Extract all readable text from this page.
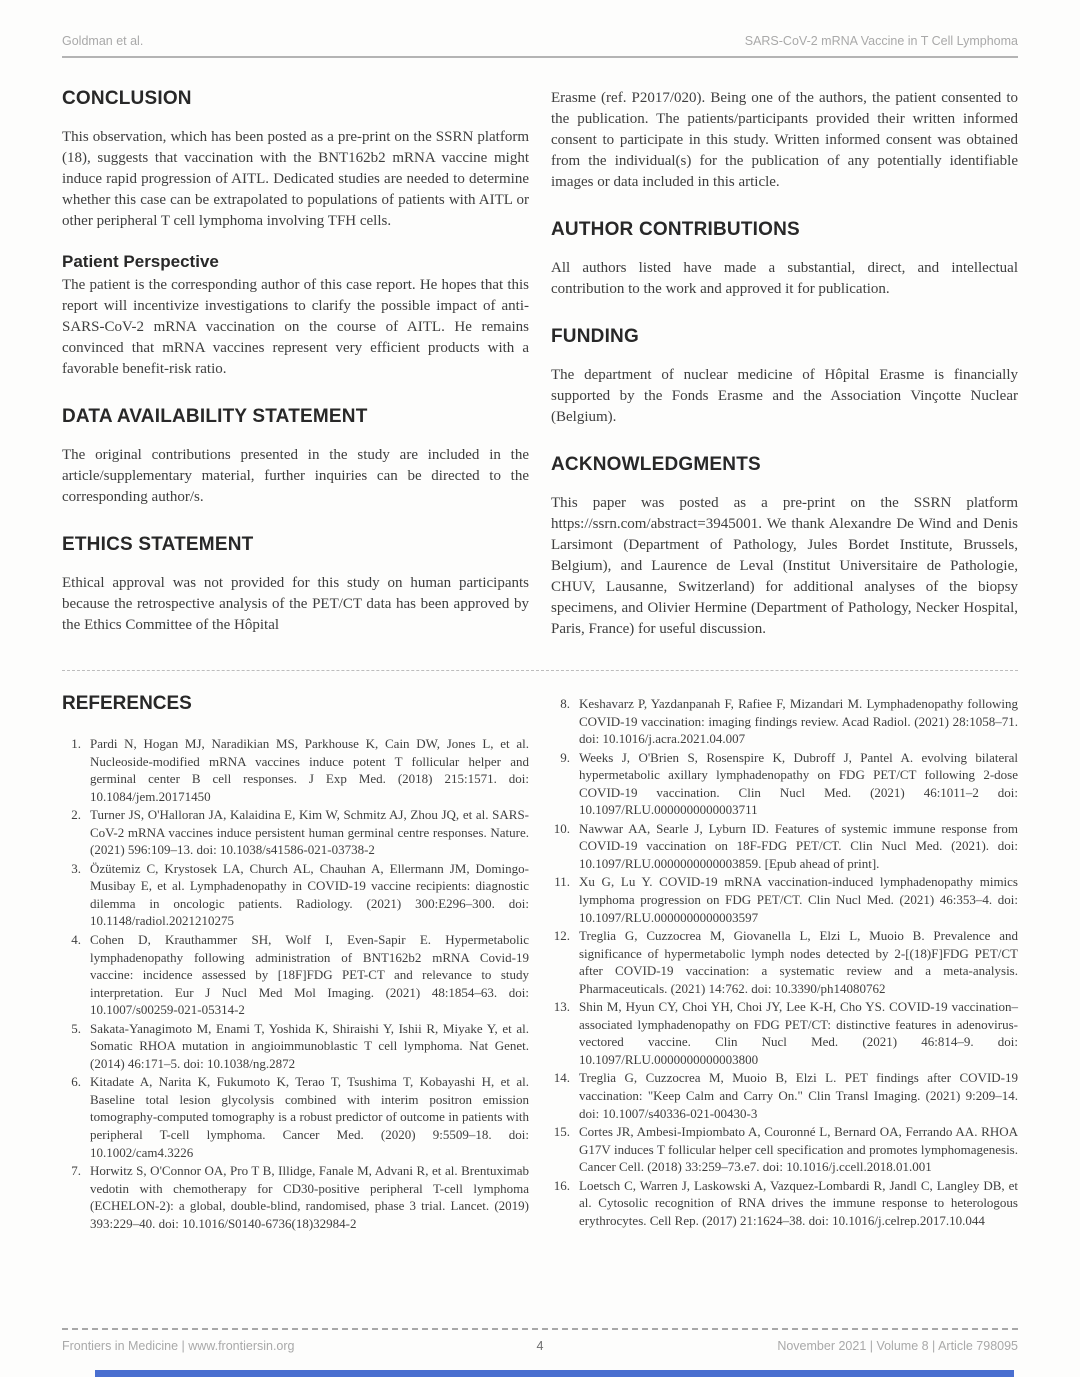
Goldman et al.	SARS-CoV-2 mRNA Vaccine in T Cell Lymphoma
CONCLUSION

This observation, which has been posted as a pre-print on the SSRN platform (18), suggests that vaccination with the BNT162b2 mRNA vaccine might induce rapid progression of AITL. Dedicated studies are needed to determine whether this case can be extrapolated to populations of patients with AITL or other peripheral T cell lymphoma involving TFH cells.

Patient Perspective

The patient is the corresponding author of this case report. He hopes that this report will incentivize investigations to clarify the possible impact of anti-SARS-CoV-2 mRNA vaccination on the course of AITL. He remains convinced that mRNA vaccines represent very efficient products with a favorable benefit-risk ratio.

DATA AVAILABILITY STATEMENT

The original contributions presented in the study are included in the article/supplementary material, further inquiries can be directed to the corresponding author/s.

ETHICS STATEMENT

Ethical approval was not provided for this study on human participants because the retrospective analysis of the PET/CT data has been approved by the Ethics Committee of the Hôpital

Erasme (ref. P2017/020). Being one of the authors, the patient consented to the publication. The patients/participants provided their written informed consent to participate in this study. Written informed consent was obtained from the individual(s) for the publication of any potentially identifiable images or data included in this article.

AUTHOR CONTRIBUTIONS

All authors listed have made a substantial, direct, and intellectual contribution to the work and approved it for publication.

FUNDING

The department of nuclear medicine of Hôpital Erasme is financially supported by the Fonds Erasme and the Association Vinçotte Nuclear (Belgium).

ACKNOWLEDGMENTS

This paper was posted as a pre-print on the SSRN platform https://ssrn.com/abstract=3945001. We thank Alexandre De Wind and Denis Larsimont (Department of Pathology, Jules Bordet Institute, Brussels, Belgium), and Laurence de Leval (Institut Universitaire de Pathologie, CHUV, Lausanne, Switzerland) for additional analyses of the biopsy specimens, and Olivier Hermine (Department of Pathology, Necker Hospital, Paris, France) for useful discussion.

REFERENCES
1. Pardi N, Hogan MJ, Naradikian MS, Parkhouse K, Cain DW, Jones L, et al. Nucleoside-modified mRNA vaccines induce potent T follicular helper and germinal center B cell responses. J Exp Med. (2018) 215:1571. doi: 10.1084/jem.20171450
2. Turner JS, O'Halloran JA, Kalaidina E, Kim W, Schmitz AJ, Zhou JQ, et al. SARS-CoV-2 mRNA vaccines induce persistent human germinal centre responses. Nature. (2021) 596:109–13. doi: 10.1038/s41586-021-03738-2
3. Özütemiz C, Krystosek LA, Church AL, Chauhan A, Ellermann JM, Domingo-Musibay E, et al. Lymphadenopathy in COVID-19 vaccine recipients: diagnostic dilemma in oncologic patients. Radiology. (2021) 300:E296–300. doi: 10.1148/radiol.2021210275
4. Cohen D, Krauthammer SH, Wolf I, Even-Sapir E. Hypermetabolic lymphadenopathy following administration of BNT162b2 mRNA Covid-19 vaccine: incidence assessed by [18F]FDG PET-CT and relevance to study interpretation. Eur J Nucl Med Mol Imaging. (2021) 48:1854–63. doi: 10.1007/s00259-021-05314-2
5. Sakata-Yanagimoto M, Enami T, Yoshida K, Shiraishi Y, Ishii R, Miyake Y, et al. Somatic RHOA mutation in angioimmunoblastic T cell lymphoma. Nat Genet. (2014) 46:171–5. doi: 10.1038/ng.2872
6. Kitadate A, Narita K, Fukumoto K, Terao T, Tsushima T, Kobayashi H, et al. Baseline total lesion glycolysis combined with interim positron emission tomography-computed tomography is a robust predictor of outcome in patients with peripheral T-cell lymphoma. Cancer Med. (2020) 9:5509–18. doi: 10.1002/cam4.3226
7. Horwitz S, O'Connor OA, Pro T B, Illidge, Fanale M, Advani R, et al. Brentuximab vedotin with chemotherapy for CD30-positive peripheral T-cell lymphoma (ECHELON-2): a global, double-blind, randomised, phase 3 trial. Lancet. (2019) 393:229–40. doi: 10.1016/S0140-6736(18)32984-2
8. Keshavarz P, Yazdanpanah F, Rafiee F, Mizandari M. Lymphadenopathy following COVID-19 vaccination: imaging findings review. Acad Radiol. (2021) 28:1058–71. doi: 10.1016/j.acra.2021.04.007
9. Weeks J, O'Brien S, Rosenspire K, Dubroff J, Pantel A. evolving bilateral hypermetabolic axillary lymphadenopathy on FDG PET/CT following 2-dose COVID-19 vaccination. Clin Nucl Med. (2021) 46:1011–2 doi: 10.1097/RLU.0000000000003711
10. Nawwar AA, Searle J, Lyburn ID. Features of systemic immune response from COVID-19 vaccination on 18F-FDG PET/CT. Clin Nucl Med. (2021). doi: 10.1097/RLU.0000000000003859. [Epub ahead of print].
11. Xu G, Lu Y. COVID-19 mRNA vaccination-induced lymphadenopathy mimics lymphoma progression on FDG PET/CT. Clin Nucl Med. (2021) 46:353–4. doi: 10.1097/RLU.0000000000003597
12. Treglia G, Cuzzocrea M, Giovanella L, Elzi L, Muoio B. Prevalence and significance of hypermetabolic lymph nodes detected by 2-[(18)F]FDG PET/CT after COVID-19 vaccination: a systematic review and a meta-analysis. Pharmaceuticals. (2021) 14:762. doi: 10.3390/ph14080762
13. Shin M, Hyun CY, Choi YH, Choi JY, Lee K-H, Cho YS. COVID-19 vaccination–associated lymphadenopathy on FDG PET/CT: distinctive features in adenovirus-vectored vaccine. Clin Nucl Med. (2021) 46:814–9. doi: 10.1097/RLU.0000000000003800
14. Treglia G, Cuzzocrea M, Muoio B, Elzi L. PET findings after COVID-19 vaccination: "Keep Calm and Carry On." Clin Transl Imaging. (2021) 9:209–14. doi: 10.1007/s40336-021-00430-3
15. Cortes JR, Ambesi-Impiombato A, Couronné L, Bernard OA, Ferrando AA. RHOA G17V induces T follicular helper cell specification and promotes lymphomagenesis. Cancer Cell. (2018) 33:259–73.e7. doi: 10.1016/j.ccell.2018.01.001
16. Loetsch C, Warren J, Laskowski A, Vazquez-Lombardi R, Jandl C, Langley DB, et al. Cytosolic recognition of RNA drives the immune response to heterologous erythrocytes. Cell Rep. (2017) 21:1624–38. doi: 10.1016/j.celrep.2017.10.044
Frontiers in Medicine | www.frontiersin.org	4	November 2021 | Volume 8 | Article 798095
